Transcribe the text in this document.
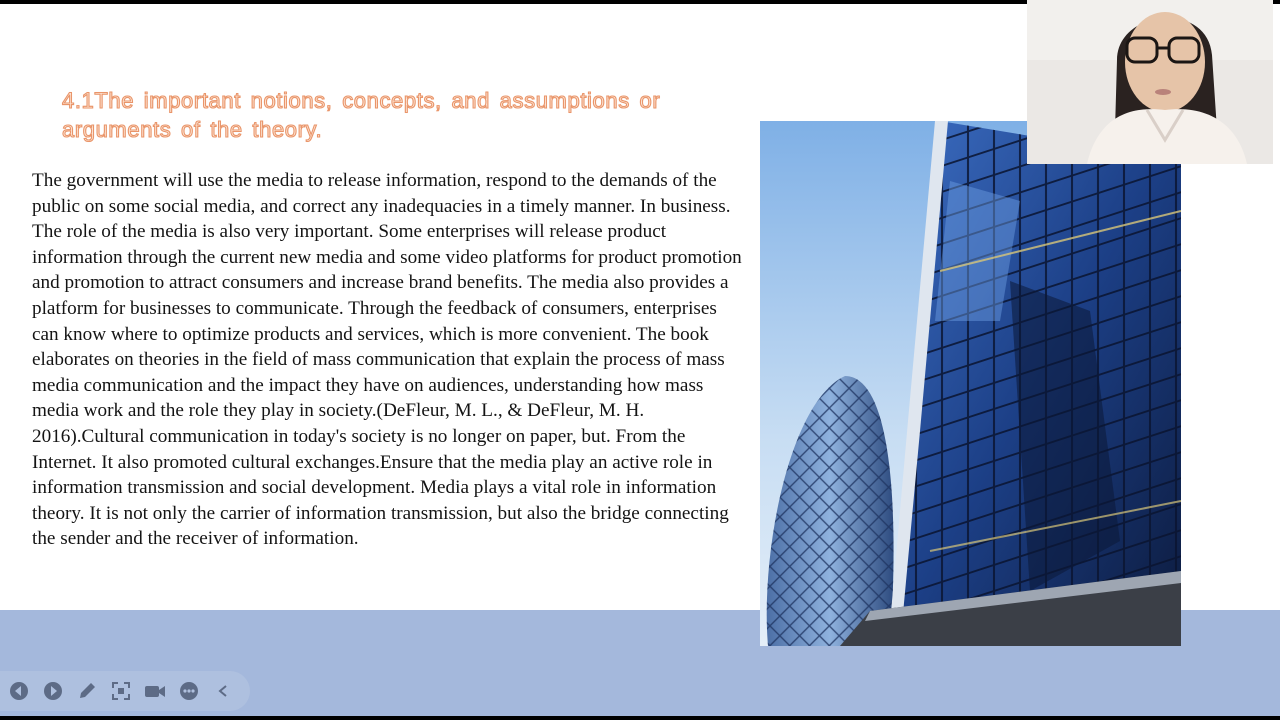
4.1The important notions, concepts, and assumptions or arguments of the theory.

The government will use the media to release information, respond to the demands of the public on some social media, and correct any inadequacies in a timely manner. In business. The role of the media is also very important. Some enterprises will release product information through the current new media and some video platforms for product promotion and promotion to attract consumers and increase brand benefits. The media also provides a platform for businesses to communicate. Through the feedback of consumers, enterprises can know where to optimize products and services, which is more convenient. The book elaborates on theories in the field of mass communication that explain the process of mass media communication and the impact they have on audiences, understanding how mass media work and the role they play in society.(DeFleur, M. L., & DeFleur, M. H. 2016).Cultural communication in today's society is no longer on paper, but. From the Internet. It also promoted cultural exchanges.Ensure that the media play an active role in information transmission and social development. Media plays a vital role in information theory. It is not only the carrier of information transmission, but also the bridge connecting the sender and the receiver of information.
